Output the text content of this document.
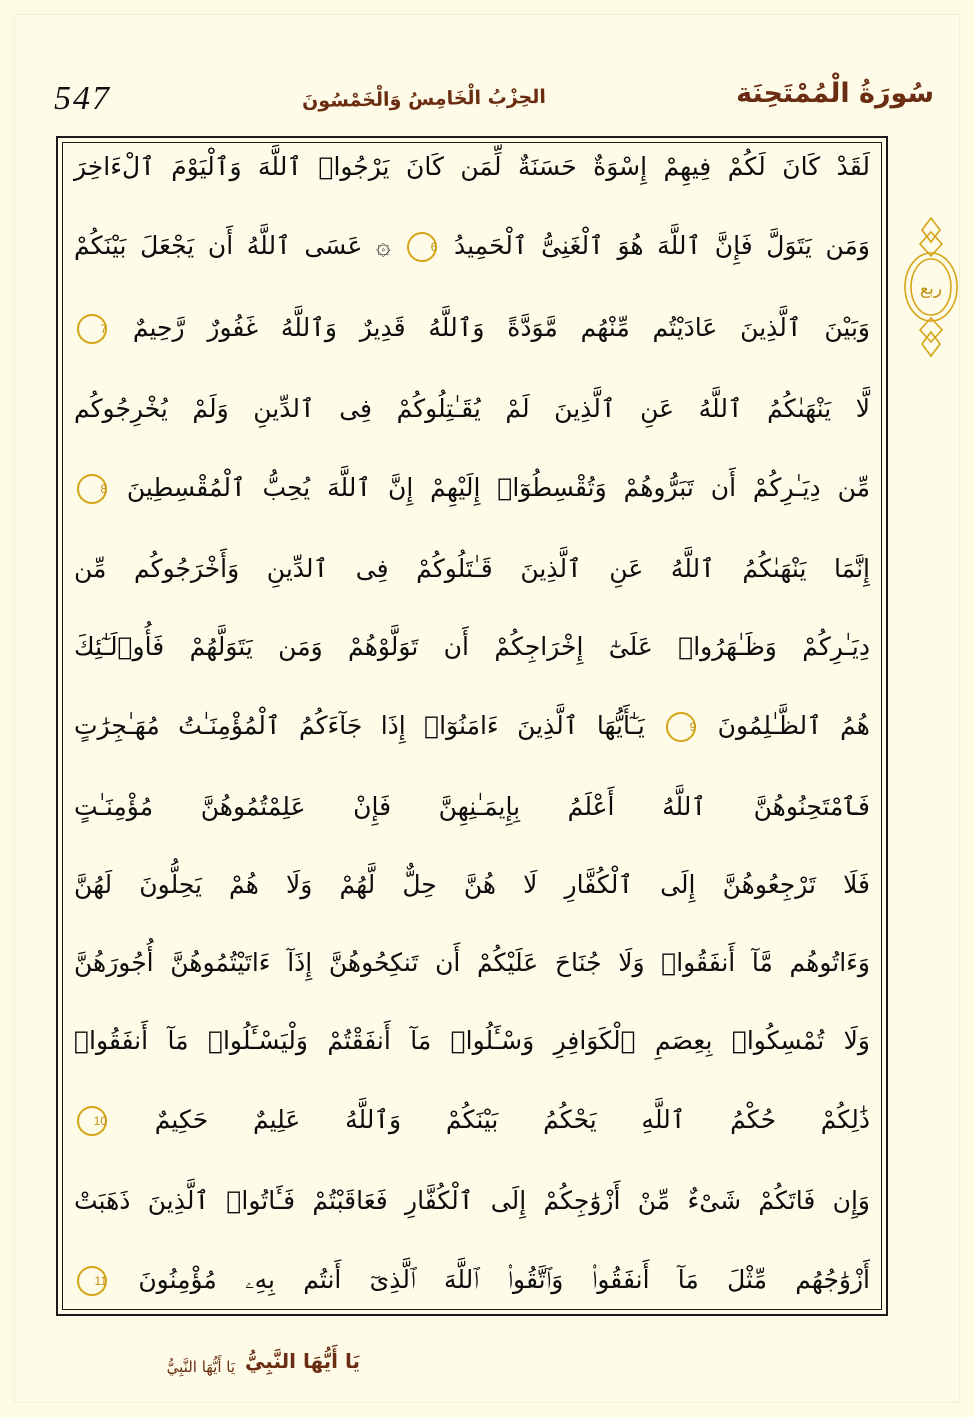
سُورَةُ الْمُمْتَحِنَة
الحِزْبُ الْخَامِسُ وَالْخَمْسُونَ
547
ربع
لَقَدْ كَانَ لَكُمْ فِيهِمْ إِسْوَةٌ حَسَنَةٌ لِّمَن كَانَ يَرْجُوا۟ ٱللَّهَ وَٱلْيَوْمَ ٱلْءَاخِرَ
وَمَن يَتَوَلَّ فَإِنَّ ٱللَّهَ هُوَ ٱلْغَنِىُّ ٱلْحَمِيدُ
6
۞ عَسَى ٱللَّهُ أَن يَجْعَلَ بَيْنَكُمْ
وَبَيْنَ ٱلَّذِينَ عَادَيْتُم مِّنْهُم مَّوَدَّةً وَٱللَّهُ قَدِيرٌ وَٱللَّهُ غَفُورٌ رَّحِيمٌ
7
لَّا يَنْهَىٰكُمُ ٱللَّهُ عَنِ ٱلَّذِينَ لَمْ يُقَـٰتِلُوكُمْ فِى ٱلدِّينِ وَلَمْ يُخْرِجُوكُم
مِّن دِيَـٰرِكُمْ أَن تَبَرُّوهُمْ وَتُقْسِطُوٓا۟ إِلَيْهِمْ إِنَّ ٱللَّهَ يُحِبُّ ٱلْمُقْسِطِينَ
8
إِنَّمَا يَنْهَىٰكُمُ ٱللَّهُ عَنِ ٱلَّذِينَ قَـٰتَلُوكُمْ فِى ٱلدِّينِ وَأَخْرَجُوكُم مِّن
دِيَـٰرِكُمْ وَظَـٰهَرُوا۟ عَلَىٰٓ إِخْرَاجِكُمْ أَن تَوَلَّوْهُمْ وَمَن يَتَوَلَّهُمْ فَأُو۟لَـٰٓئِكَ
هُمُ ٱلظَّـٰلِمُونَ
9
يَـٰٓأَيُّهَا ٱلَّذِينَ ءَامَنُوٓا۟ إِذَا جَآءَكُمُ ٱلْمُؤْمِنَـٰتُ مُهَـٰجِرَٰتٍ
فَٱمْتَحِنُوهُنَّ ٱللَّهُ أَعْلَمُ بِإِيمَـٰنِهِنَّ فَإِنْ عَلِمْتُمُوهُنَّ مُؤْمِنَـٰتٍ
فَلَا تَرْجِعُوهُنَّ إِلَى ٱلْكُفَّارِ لَا هُنَّ حِلٌّ لَّهُمْ وَلَا هُمْ يَحِلُّونَ لَهُنَّ
وَءَاتُوهُم مَّآ أَنفَقُوا۟ وَلَا جُنَاحَ عَلَيْكُمْ أَن تَنكِحُوهُنَّ إِذَآ ءَاتَيْتُمُوهُنَّ أُجُورَهُنَّ
وَلَا تُمْسِكُوا۟ بِعِصَمِ ٱلْكَوَافِرِ وَسْـَٔلُوا۟ مَآ أَنفَقْتُمْ وَلْيَسْـَٔلُوا۟ مَآ أَنفَقُوا۟
ذَٰلِكُمْ حُكْمُ ٱللَّهِ يَحْكُمُ بَيْنَكُمْ وَٱللَّهُ عَلِيمٌ حَكِيمٌ
10
وَإِن فَاتَكُمْ شَىْءٌ مِّنْ أَزْوَٰجِكُمْ إِلَى ٱلْكُفَّارِ فَعَاقَبْتُمْ فَـَٔاتُوا۟ ٱلَّذِينَ ذَهَبَتْ
أَزْوَٰجُهُم مِّثْلَ مَآ أَنفَقُوا۟ وَٱتَّقُوا۟ ٱللَّهَ ٱلَّذِىٓ أَنتُم بِهِۦ مُؤْمِنُونَ
11
يَا أَيُّهَا النَّبِيُّ
يَا أَيُّهَا النَّبِيُّ
